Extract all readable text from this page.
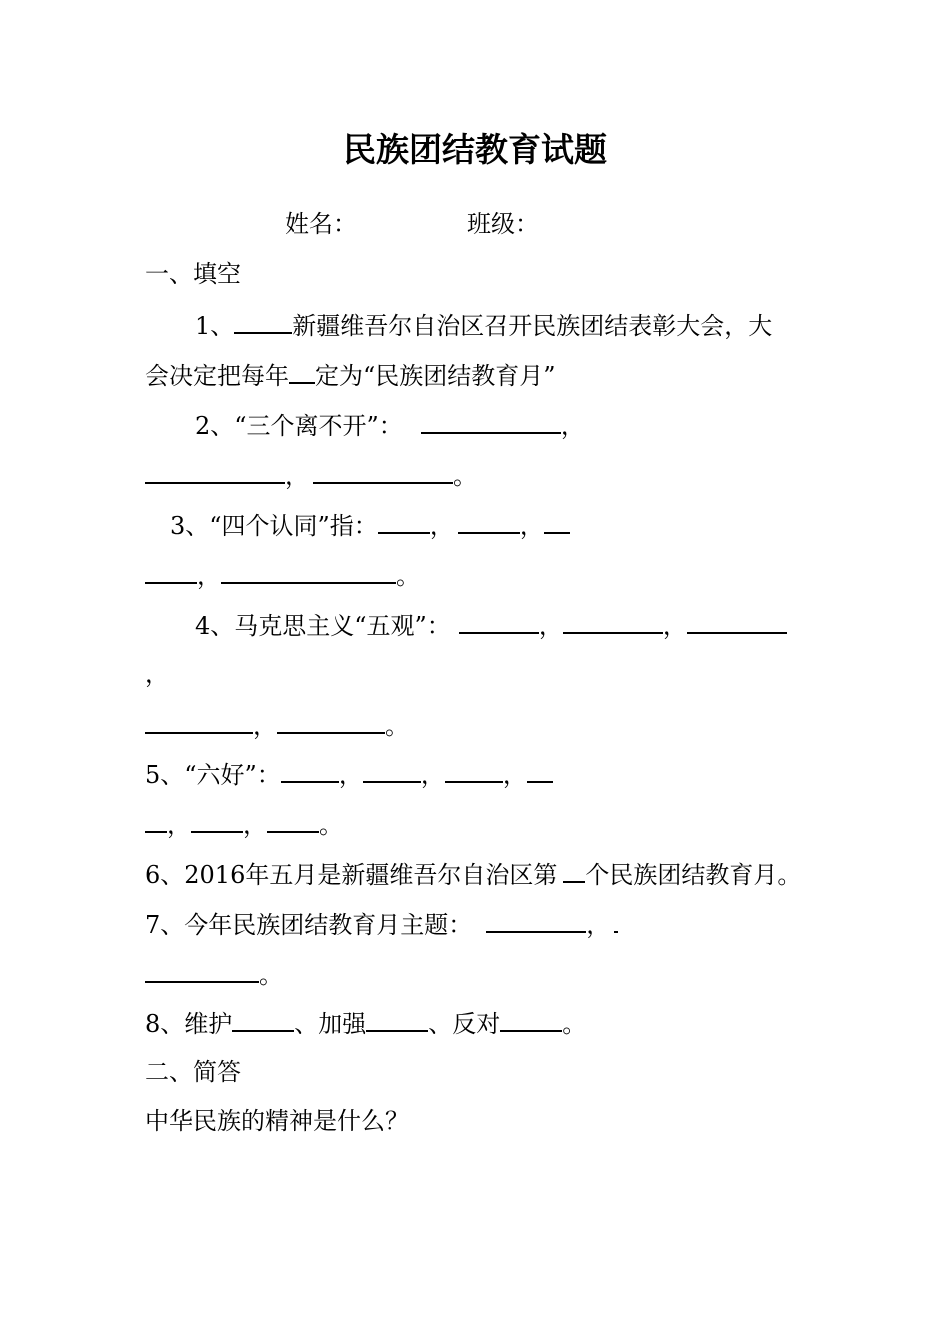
民族团结教育试题
姓名：	班级：
一、填空
1、 新疆维吾尔自治区召开民族团结表彰大会，大
会决定把每年 定为“民族团结教育月”
2、“三个离不开”：	，
，	。
3、“四个认同”指： ，	，
，	。
4、马克思主义“五观”：	，	，
，
，	。
5、“六好”： ， ， ，
， ， 。
6、2016年五月是新疆维吾尔自治区第 个民族团结教育月。
7、今年民族团结教育月主题：	，
。
8、维护	、加强	、反对	。
二、简答
中华民族的精神是什么？
